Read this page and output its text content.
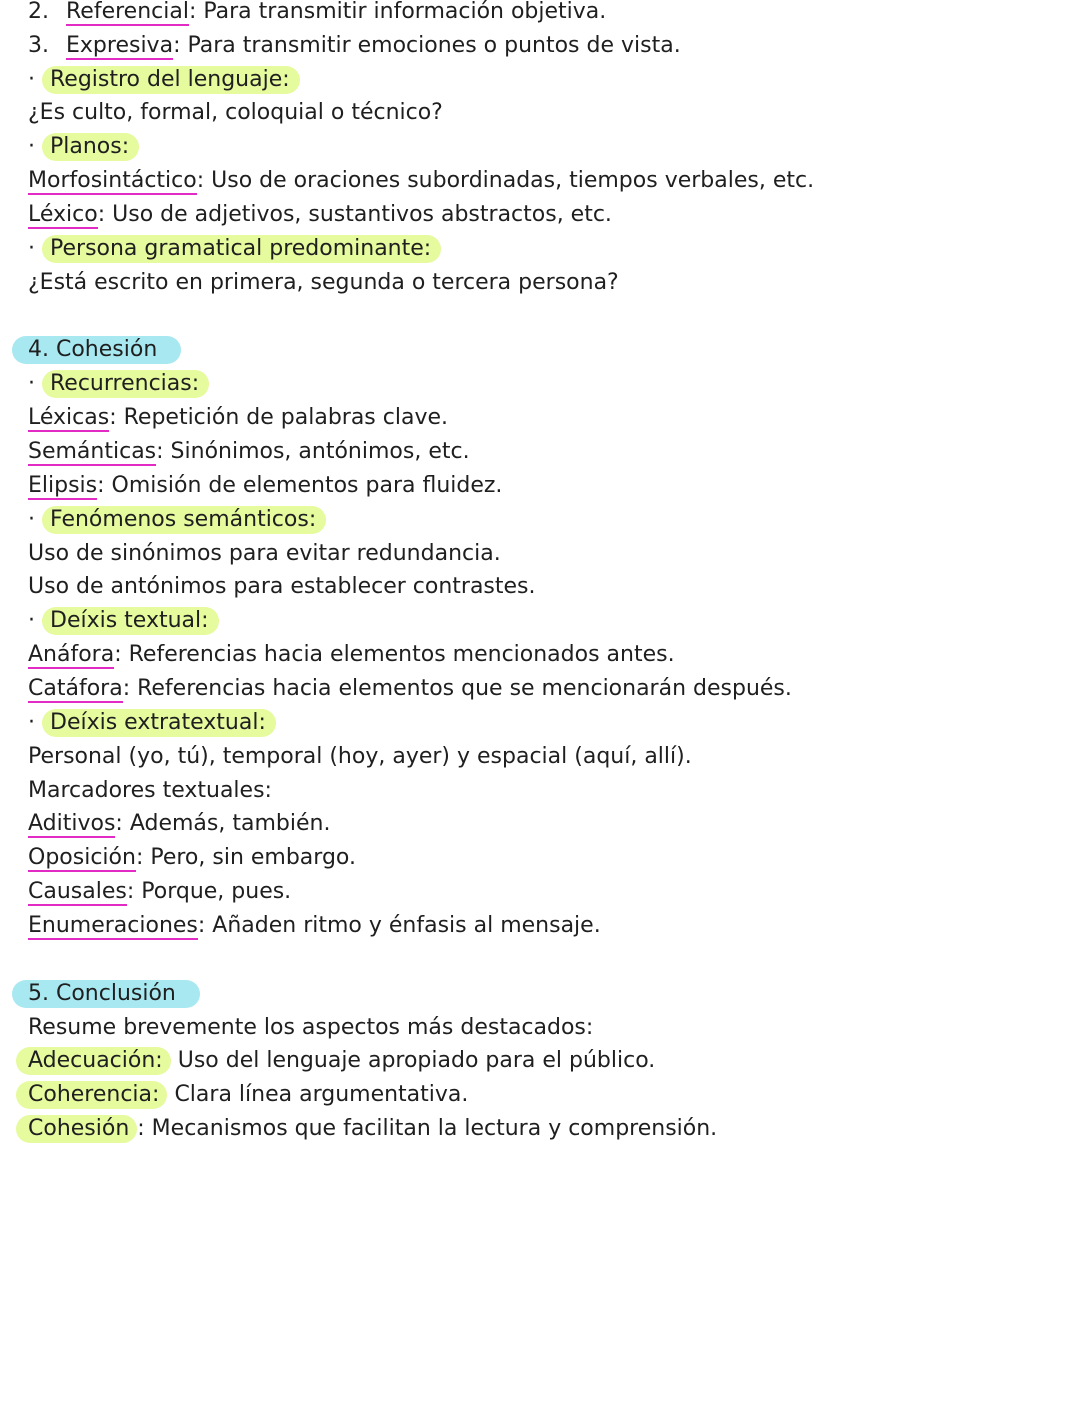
2. Referencial: Para transmitir información objetiva.
3. Expresiva: Para transmitir emociones o puntos de vista.
· Registro del lenguaje:
¿Es culto, formal, coloquial o técnico?
· Planos:
Morfosintáctico: Uso de oraciones subordinadas, tiempos verbales, etc.
Léxico: Uso de adjetivos, sustantivos abstractos, etc.
· Persona gramatical predominante:
¿Está escrito en primera, segunda o tercera persona?
4. Cohesión
· Recurrencias:
Léxicas: Repetición de palabras clave.
Semánticas: Sinónimos, antónimos, etc.
Elipsis: Omisión de elementos para fluidez.
· Fenómenos semánticos:
Uso de sinónimos para evitar redundancia.
Uso de antónimos para establecer contrastes.
· Deíxis textual:
Anáfora: Referencias hacia elementos mencionados antes.
Catáfora: Referencias hacia elementos que se mencionarán después.
· Deíxis extratextual:
Personal (yo, tú), temporal (hoy, ayer) y espacial (aquí, allí).
Marcadores textuales:
Aditivos: Además, también.
Oposición: Pero, sin embargo.
Causales: Porque, pues.
Enumeraciones: Añaden ritmo y énfasis al mensaje.
5. Conclusión
Resume brevemente los aspectos más destacados:
Adecuación: Uso del lenguaje apropiado para el público.
Coherencia: Clara línea argumentativa.
Cohesión : Mecanismos que facilitan la lectura y comprensión.
